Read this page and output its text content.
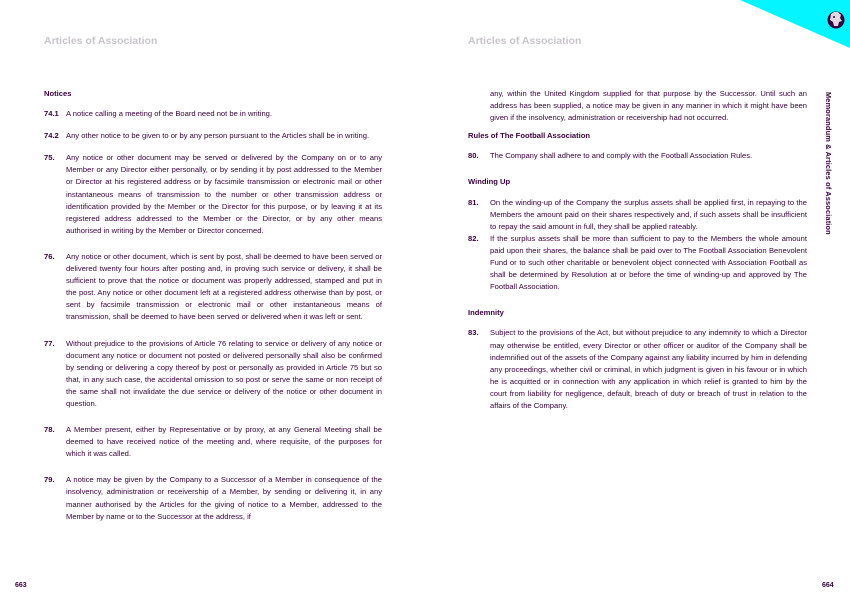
Articles of Association	Articles of Association
Notices
74.1 A notice calling a meeting of the Board need not be in writing.
74.2 Any other notice to be given to or by any person pursuant to the Articles shall be in writing.
75.	Any notice or other document may be served or delivered by the Company on or to any Member or any Director either personally, or by sending it by post addressed to the Member or Director at his registered address or by facsimile transmission or electronic mail or other instantaneous means of transmission to the number or other transmission address or identification provided by the Member or the Director for this purpose, or by leaving it at its registered address addressed to the Member or the Director, or by any other means authorised in writing by the Member or Director concerned.
76.	Any notice or other document, which is sent by post, shall be deemed to have been served or delivered twenty four hours after posting and, in proving such service or delivery, it shall be sufficient to prove that the notice or document was properly addressed, stamped and put in the post. Any notice or other document left at a registered address otherwise than by post, or sent by facsimile transmission or electronic mail or other instantaneous means of transmission, shall be deemed to have been served or delivered when it was left or sent.
77.	Without prejudice to the provisions of Article 76 relating to service or delivery of any notice or document any notice or document not posted or delivered personally shall also be confirmed by sending or delivering a copy thereof by post or personally as provided in Article 75 but so that, in any such case, the accidental omission to so post or serve the same or non receipt of the same shall not invalidate the due service or delivery of the notice or other document in question.
78.	A Member present, either by Representative or by proxy, at any General Meeting shall be deemed to have received notice of the meeting and, where requisite, of the purposes for which it was called.
79.	A notice may be given by the Company to a Successor of a Member in consequence of the insolvency, administration or receivership of a Member, by sending or delivering it, in any manner authorised by the Articles for the giving of notice to a Member, addressed to the Member by name or to the Successor at the address, if
any, within the United Kingdom supplied for that purpose by the Successor. Until such an address has been supplied, a notice may be given in any manner in which it might have been given if the insolvency, administration or receivership had not occurred.
Rules of The Football Association
80.	The Company shall adhere to and comply with the Football Association Rules.
Winding Up
81.	On the winding-up of the Company the surplus assets shall be applied first, in repaying to the Members the amount paid on their shares respectively and, if such assets shall be insufficient to repay the said amount in full, they shall be applied rateably.
82.	If the surplus assets shall be more than sufficient to pay to the Members the whole amount paid upon their shares, the balance shall be paid over to The Football Association Benevolent Fund or to such other charitable or benevolent object connected with Association Football as shall be determined by Resolution at or before the time of winding-up and approved by The Football Association.
Indemnity
83.	Subject to the provisions of the Act, but without prejudice to any indemnity to which a Director may otherwise be entitled, every Director or other officer or auditor of the Company shall be indemnified out of the assets of the Company against any liability incurred by him in defending any proceedings, whether civil or criminal, in which judgment is given in his favour or in which he is acquitted or in connection with any application in which relief is granted to him by the court from liability for negligence, default, breach of duty or breach of trust in relation to the affairs of the Company.
Memorandum & Articles of Association
663	664
